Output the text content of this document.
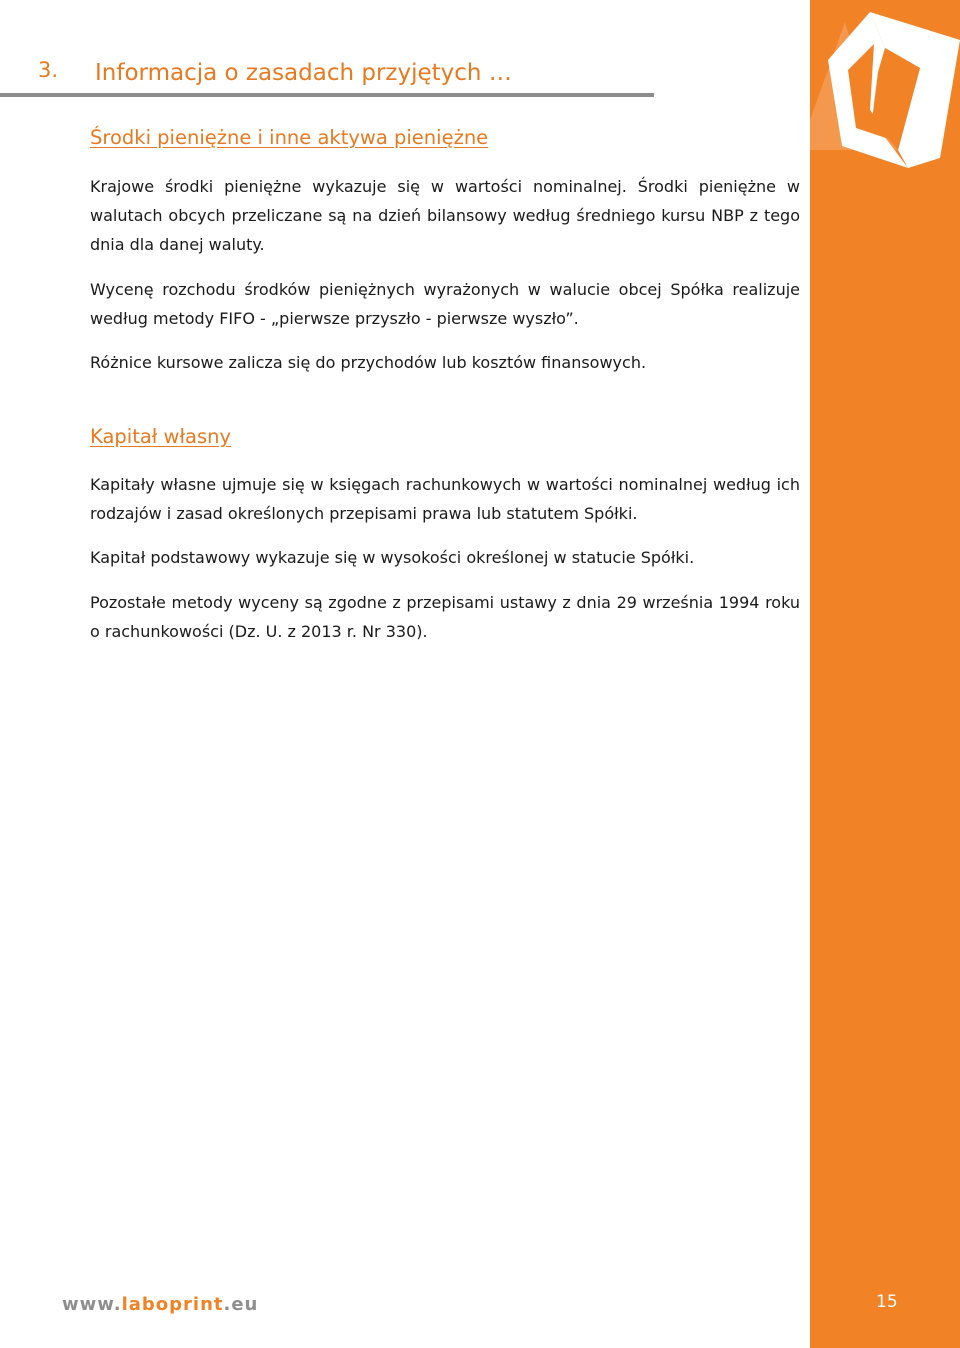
3. Informacja o zasadach przyjętych …
Środki pieniężne i inne aktywa pieniężne

Krajowe środki pieniężne wykazuje się w wartości nominalnej. Środki pieniężne w walutach obcych przeliczane są na dzień bilansowy według średniego kursu NBP z tego dnia dla danej waluty.

Wycenę rozchodu środków pieniężnych wyrażonych w walucie obcej Spółka realizuje według metody FIFO - „pierwsze przyszło - pierwsze wyszło”.

Różnice kursowe zalicza się do przychodów lub kosztów finansowych.

Kapitał własny

Kapitały własne ujmuje się w księgach rachunkowych w wartości nominalnej według ich rodzajów i zasad określonych przepisami prawa lub statutem Spółki.

Kapitał podstawowy wykazuje się w wysokości określonej w statucie Spółki.

Pozostałe metody wyceny są zgodne z przepisami ustawy z dnia 29 września 1994 roku o rachunkowości (Dz. U. z 2013 r. Nr 330).

www.laboprint.eu	15
